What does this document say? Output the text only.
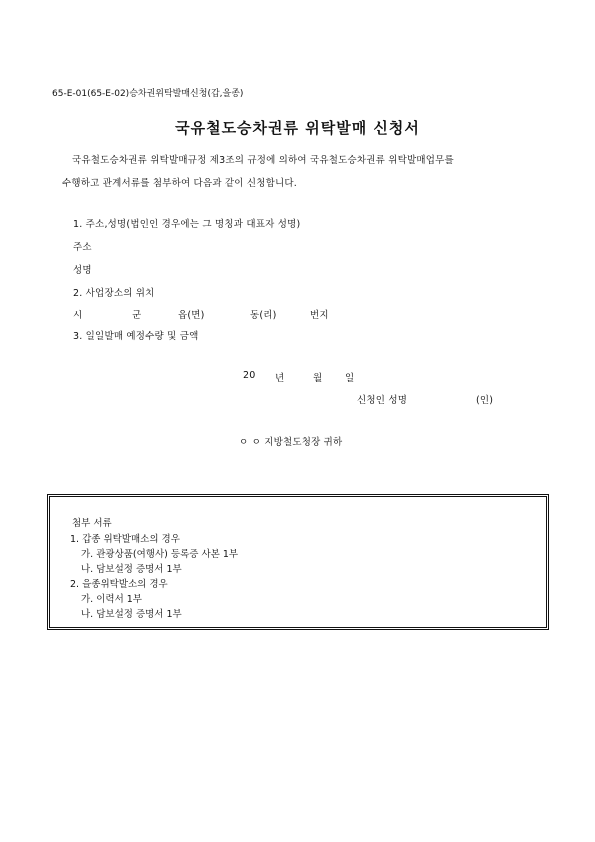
65-E-01(65-E-02)승차권위탁발매신청(갑,을종)
국유철도승차권류 위탁발매 신청서
국유철도승차권류 위탁발매규정 제3조의 규정에 의하여 국유철도승차권류 위탁발매업무를
수행하고 관계서류를 첨부하여 다음과 같이 신청합니다.
1. 주소,성명(법인인 경우에는 그 명칭과 대표자 성명)
주소
성명
2. 사업장소의 위치
시	군	읍(면)	동(리)	번지
3. 일일발매 예정수량 및 금액
20 년	월 일
신청인 성명	(인)
ㅇ ㅇ 지방철도청장 귀하
첨부 서류
1. 갑종 위탁발매소의 경우
가. 관광상품(여행사) 등록증 사본 1부
나. 담보설정 증명서 1부
2. 을종위탁발소의 경우
가. 이력서 1부
나. 담보설정 증명서 1부
